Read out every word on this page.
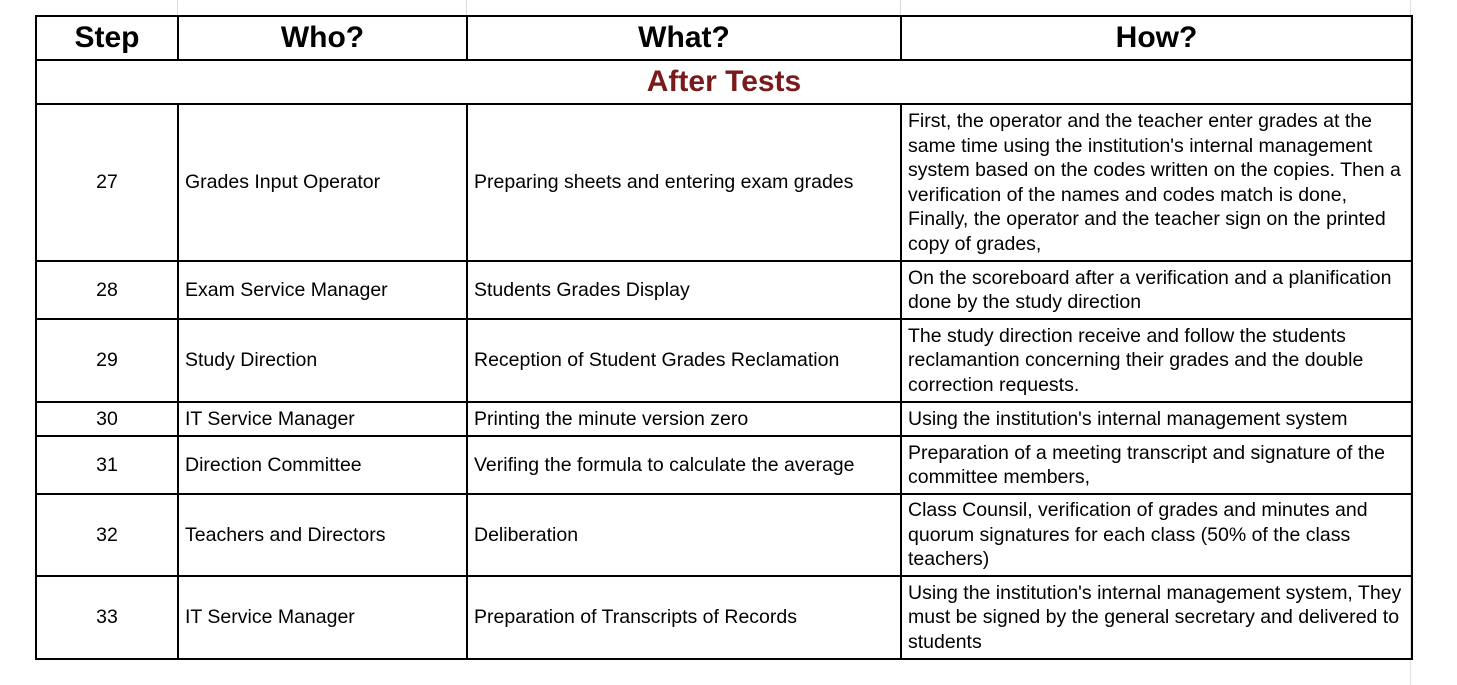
Step	Who?	What?	How?
After Tests			
27	Grades Input Operator	Preparing sheets and entering exam grades	First, the operator and the teacher enter grades at the same time using the institution's internal management system based on the codes written on the copies. Then a verification of the names and codes match is done, Finally, the operator and the teacher sign on the printed copy of grades,
28	Exam Service Manager	Students Grades Display	On the scoreboard after a verification and a planification done by the study direction
29	Study Direction	Reception of Student Grades Reclamation	The study direction receive and follow the students reclamantion concerning their grades and the double correction requests.
30	IT Service Manager	Printing the minute version zero	Using the institution's internal management system
31	Direction Committee	Verifing the formula to calculate the average	Preparation of a meeting transcript and signature of the committee members,
32	Teachers and Directors	Deliberation	Class Counsil, verification of grades and minutes and quorum signatures for each class (50% of the class teachers)
33	IT Service Manager	Preparation of Transcripts of Records	Using the institution's internal management system, They must be signed by the general secretary and delivered to students
